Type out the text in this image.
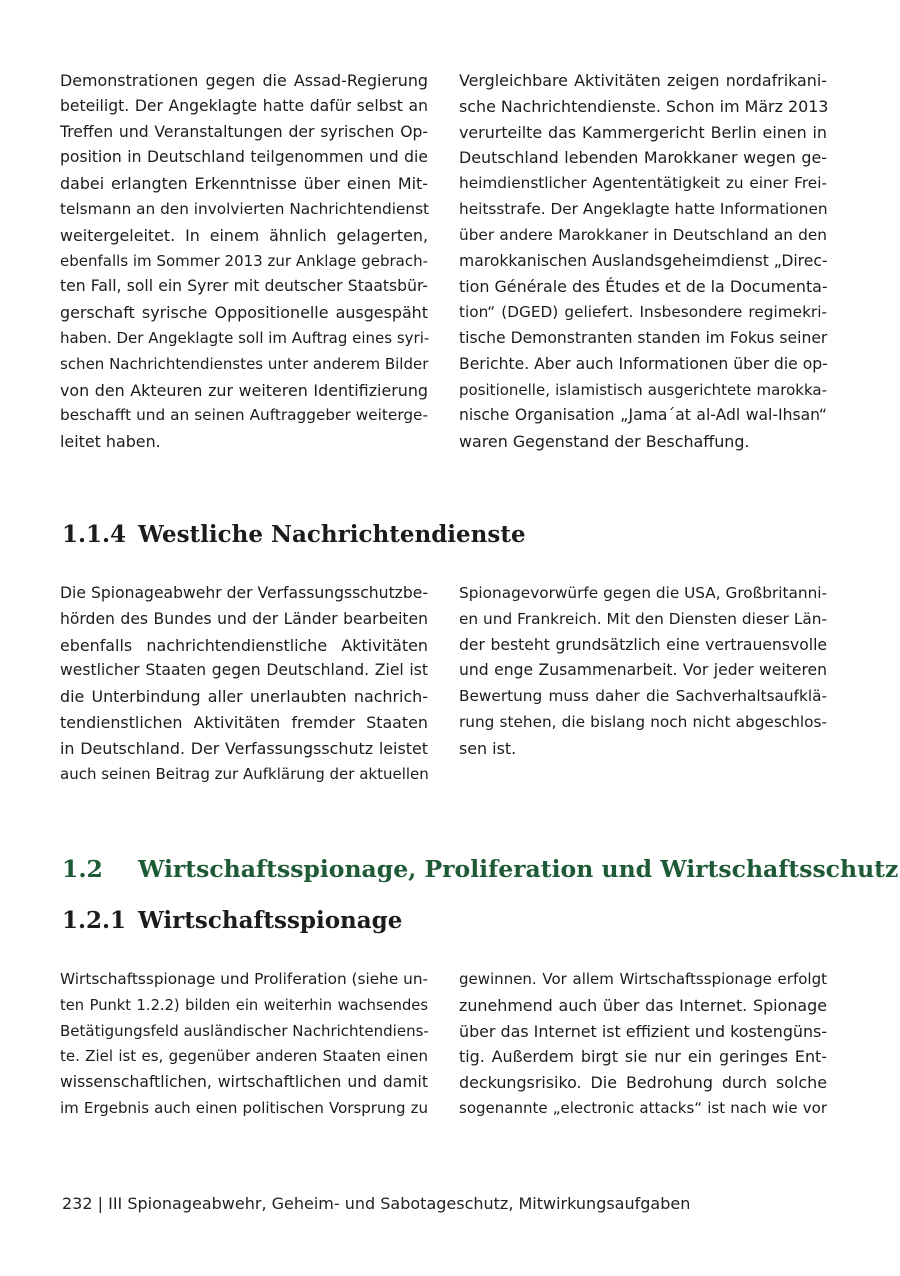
Demonstrationen gegen die Assad-Regierung
beteiligt. Der Angeklagte hatte dafür selbst an
Treffen und Veranstaltungen der syrischen Op-
position in Deutschland teilgenommen und die
dabei erlangten Erkenntnisse über einen Mit-
telsmann an den involvierten Nachrichtendienst
weitergeleitet. In einem ähnlich gelagerten,
ebenfalls im Sommer 2013 zur Anklage gebrach-
ten Fall, soll ein Syrer mit deutscher Staatsbür-
gerschaft syrische Oppositionelle ausgespäht
haben. Der Angeklagte soll im Auftrag eines syri-
schen Nachrichtendienstes unter anderem Bilder
von den Akteuren zur weiteren Identifizierung
beschafft und an seinen Auftraggeber weiterge-
leitet haben.
Vergleichbare Aktivitäten zeigen nordafrikani-
sche Nachrichtendienste. Schon im März 2013
verurteilte das Kammergericht Berlin einen in
Deutschland lebenden Marokkaner wegen ge-
heimdienstlicher Agententätigkeit zu einer Frei-
heitsstrafe. Der Angeklagte hatte Informationen
über andere Marokkaner in Deutschland an den
marokkanischen Auslandsgeheimdienst „Direc-
tion Générale des Études et de la Documenta-
tion“ (DGED) geliefert. Insbesondere regimekri-
tische Demonstranten standen im Fokus seiner
Berichte. Aber auch Informationen über die op-
positionelle, islamistisch ausgerichtete marokka-
nische Organisation „Jama´at al-Adl wal-Ihsan“
waren Gegenstand der Beschaffung.
1.1.4 Westliche Nachrichtendienste
Die Spionageabwehr der Verfassungsschutzbe-
hörden des Bundes und der Länder bearbeiten
ebenfalls nachrichtendienstliche Aktivitäten
westlicher Staaten gegen Deutschland. Ziel ist
die Unterbindung aller unerlaubten nachrich-
tendienstlichen Aktivitäten fremder Staaten
in Deutschland. Der Verfassungsschutz leistet
auch seinen Beitrag zur Aufklärung der aktuellen
Spionagevorwürfe gegen die USA, Großbritanni-
en und Frankreich. Mit den Diensten dieser Län-
der besteht grundsätzlich eine vertrauensvolle
und enge Zusammenarbeit. Vor jeder weiteren
Bewertung muss daher die Sachverhaltsaufklä-
rung stehen, die bislang noch nicht abgeschlos-
sen ist.
1.2 Wirtschaftsspionage, Proliferation und Wirtschaftsschutz
1.2.1 Wirtschaftsspionage
Wirtschaftsspionage und Proliferation (siehe un-
ten Punkt 1.2.2) bilden ein weiterhin wachsendes
Betätigungsfeld ausländischer Nachrichtendiens-
te. Ziel ist es, gegenüber anderen Staaten einen
wissenschaftlichen, wirtschaftlichen und damit
im Ergebnis auch einen politischen Vorsprung zu
gewinnen. Vor allem Wirtschaftsspionage erfolgt
zunehmend auch über das Internet. Spionage
über das Internet ist effizient und kostengüns-
tig. Außerdem birgt sie nur ein geringes Ent-
deckungsrisiko. Die Bedrohung durch solche
sogenannte „electronic attacks“ ist nach wie vor
232 | III Spionageabwehr, Geheim- und Sabotageschutz, Mitwirkungsaufgaben
